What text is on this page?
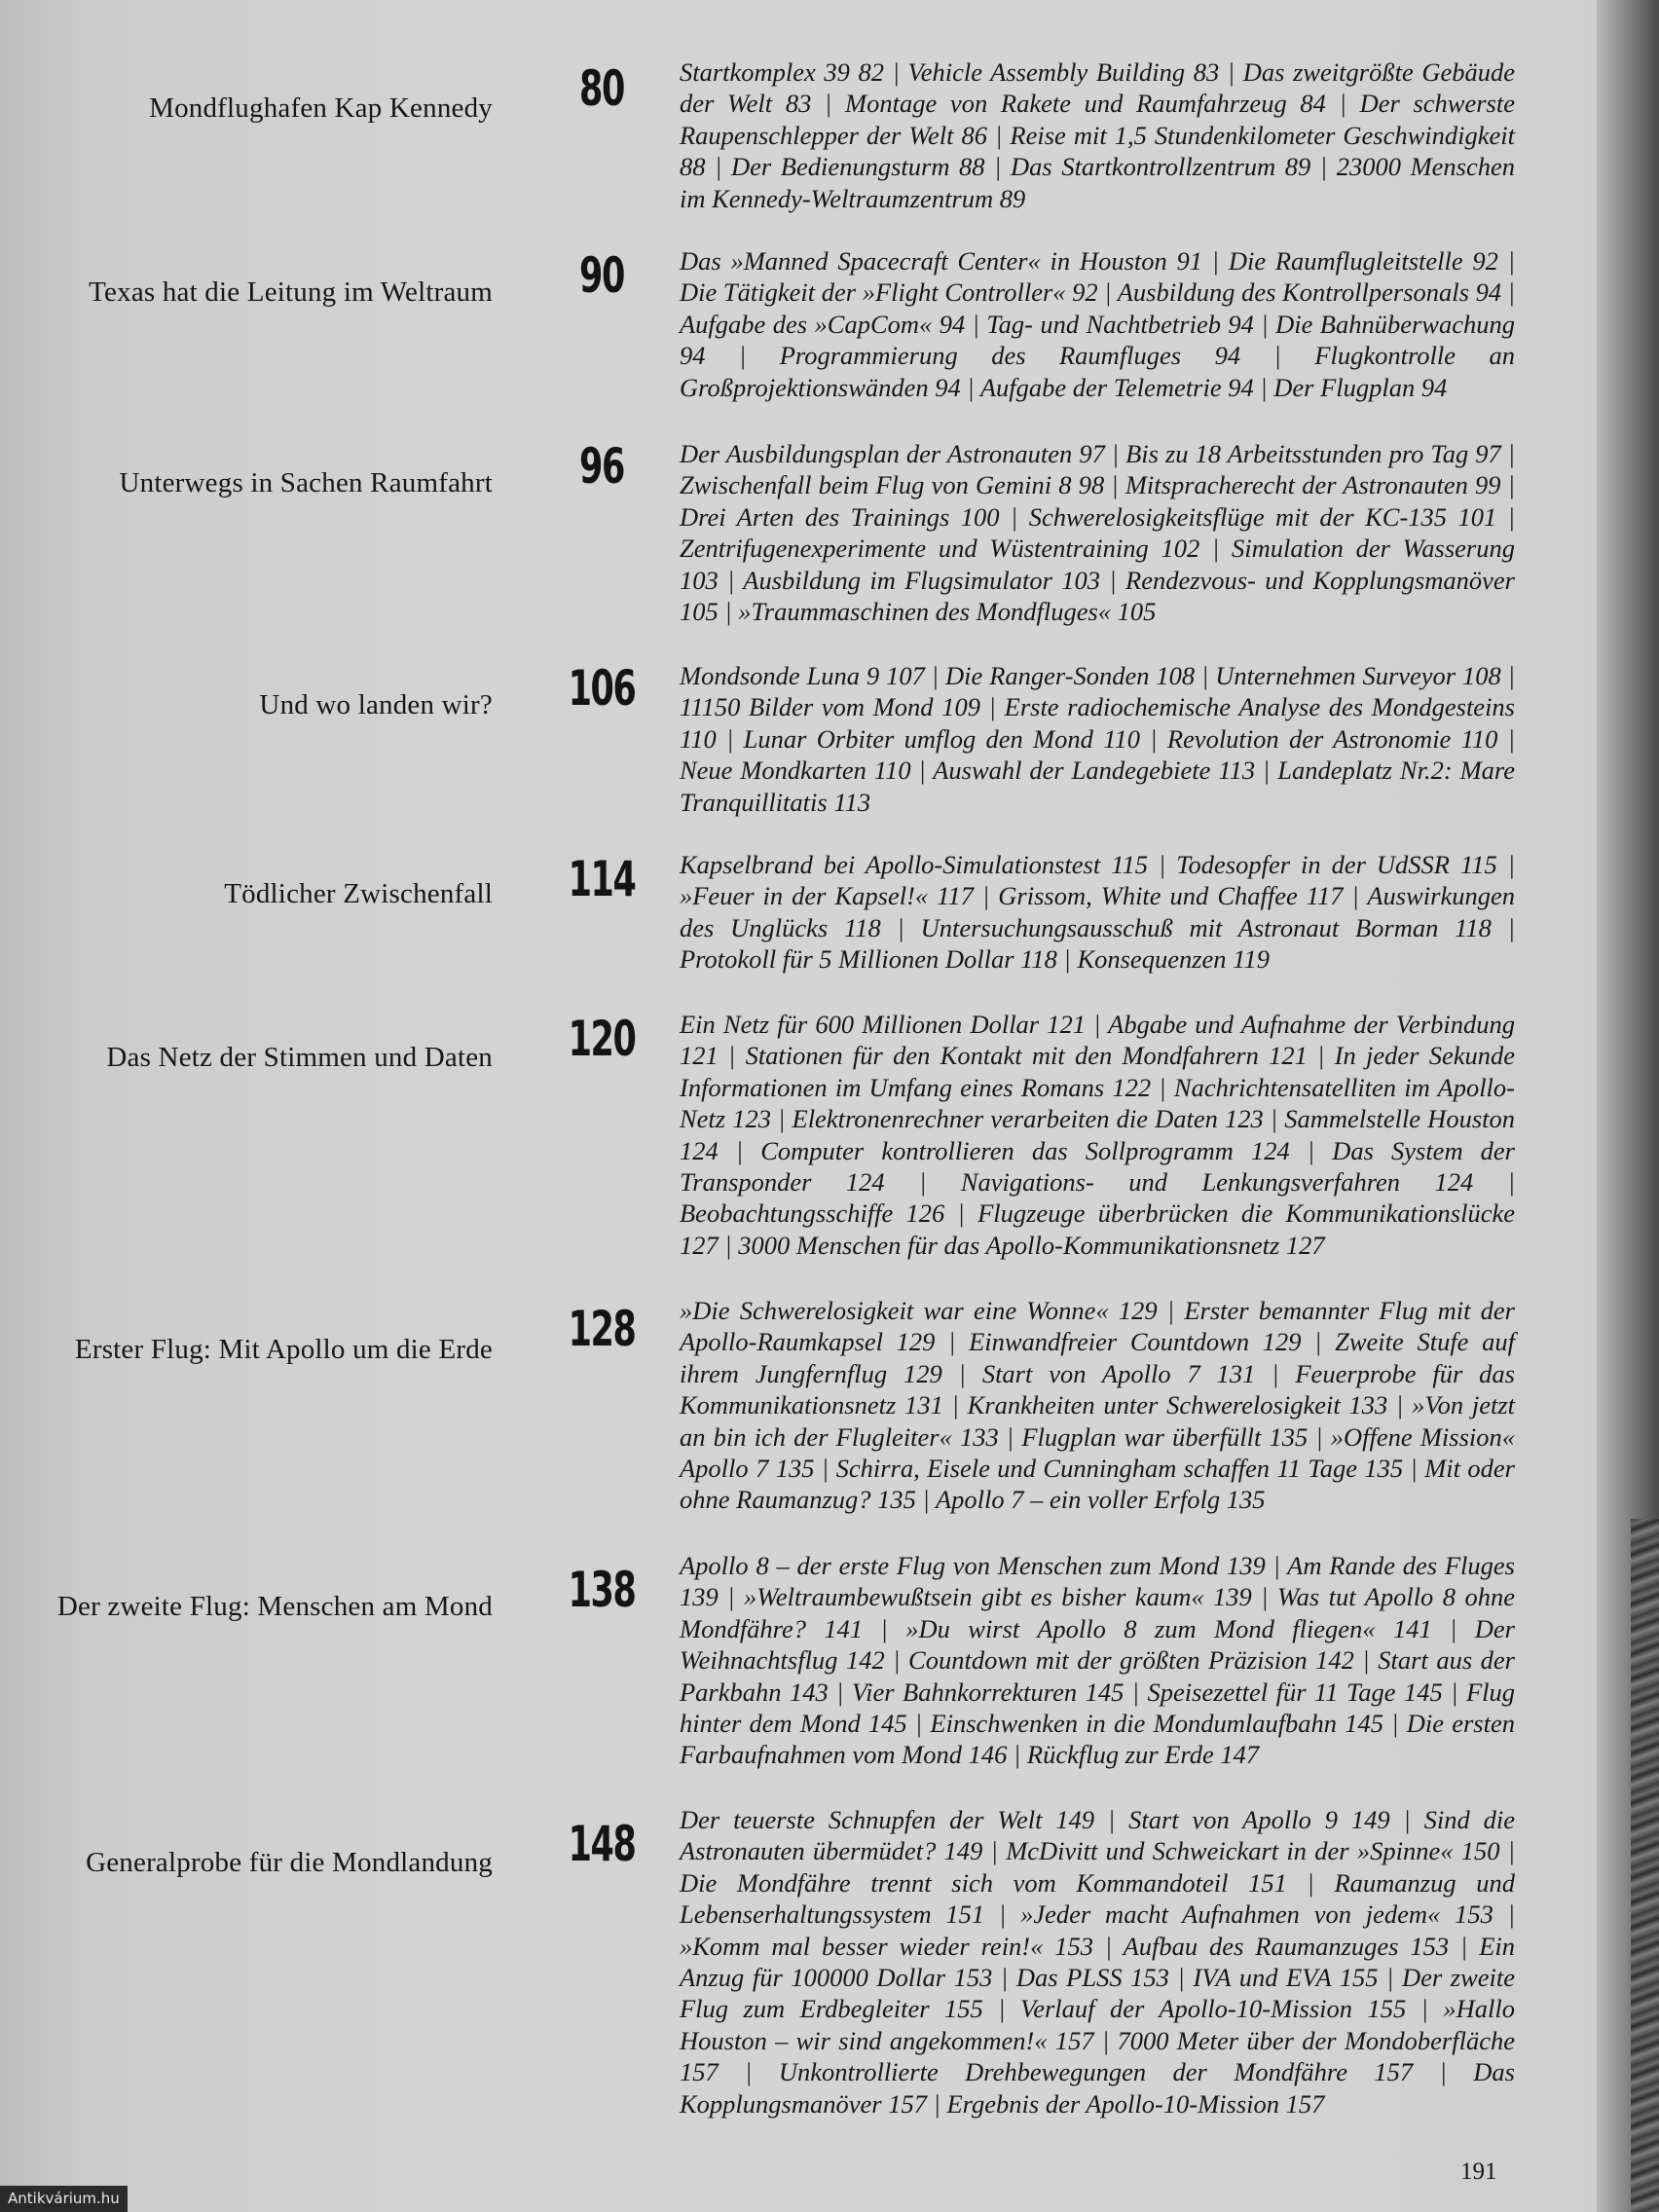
Mondflughafen Kap Kennedy	80	Startkomplex 39 82 | Vehicle Assembly Building 83 | Das zweitgrößte Gebäude der Welt 83 | Montage von Rakete und Raumfahrzeug 84 | Der schwerste Raupenschlepper der Welt 86 | Reise mit 1,5 Stundenkilometer Geschwindigkeit 88 | Der Bedienungsturm 88 | Das Startkontrollzentrum 89 | 23000 Menschen im Kennedy-Weltraumzentrum 89
Texas hat die Leitung im Weltraum	90	Das »Manned Spacecraft Center« in Houston 91 | Die Raumflugleitstelle 92 | Die Tätigkeit der »Flight Controller« 92 | Ausbildung des Kontrollpersonals 94 | Aufgabe des »CapCom« 94 | Tag- und Nachtbetrieb 94 | Die Bahnüberwachung 94 | Programmierung des Raumfluges 94 | Flugkontrolle an Großprojektionswänden 94 | Aufgabe der Telemetrie 94 | Der Flugplan 94
Unterwegs in Sachen Raumfahrt	96	Der Ausbildungsplan der Astronauten 97 | Bis zu 18 Arbeitsstunden pro Tag 97 | Zwischenfall beim Flug von Gemini 8 98 | Mitspracherecht der Astronauten 99 | Drei Arten des Trainings 100 | Schwerelosigkeitsflüge mit der KC-135 101 | Zentrifugenexperimente und Wüstentraining 102 | Simulation der Wasserung 103 | Ausbildung im Flugsimulator 103 | Rendezvous- und Kopplungsmanöver 105 | »Traummaschinen des Mondfluges« 105
Und wo landen wir? 106	Mondsonde Luna 9 107 | Die Ranger-Sonden 108 | Unternehmen Surveyor 108 | 11150 Bilder vom Mond 109 | Erste radiochemische Analyse des Mondgesteins 110 | Lunar Orbiter umflog den Mond 110 | Revolution der Astronomie 110 | Neue Mondkarten 110 | Auswahl der Landegebiete 113 | Landeplatz Nr.2: Mare Tranquillitatis 113
Tödlicher Zwischenfall 114	Kapselbrand bei Apollo-Simulationstest 115 | Todesopfer in der UdSSR 115 | »Feuer in der Kapsel!« 117 | Grissom, White und Chaffee 117 | Auswirkungen des Unglücks 118 | Untersuchungsausschuß mit Astronaut Borman 118 | Protokoll für 5 Millionen Dollar 118 | Konsequenzen 119
Das Netz der Stimmen und Daten 120	Ein Netz für 600 Millionen Dollar 121 | Abgabe und Aufnahme der Verbindung 121 | Stationen für den Kontakt mit den Mondfahrern 121 | In jeder Sekunde Informationen im Umfang eines Romans 122 | Nachrichtensatelliten im Apollo-Netz 123 | Elektronenrechner verarbeiten die Daten 123 | Sammelstelle Houston 124 | Computer kontrollieren das Sollprogramm 124 | Das System der Transponder 124 | Navigations- und Lenkungsverfahren 124 | Beobachtungsschiffe 126 | Flugzeuge überbrücken die Kommunikationslücke 127 | 3000 Menschen für das Apollo-Kommunikationsnetz 127
Erster Flug: Mit Apollo um die Erde 128	»Die Schwerelosigkeit war eine Wonne« 129 | Erster bemannter Flug mit der Apollo-Raumkapsel 129 | Einwandfreier Countdown 129 | Zweite Stufe auf ihrem Jungfernflug 129 | Start von Apollo 7 131 | Feuerprobe für das Kommunikationsnetz 131 | Krankheiten unter Schwerelosigkeit 133 | »Von jetzt an bin ich der Flugleiter« 133 | Flugplan war überfüllt 135 | »Offene Mission« Apollo 7 135 | Schirra, Eisele und Cunningham schaffen 11 Tage 135 | Mit oder ohne Raumanzug? 135 | Apollo 7 – ein voller Erfolg 135
Der zweite Flug: Menschen am Mond 138	Apollo 8 – der erste Flug von Menschen zum Mond 139 | Am Rande des Fluges 139 | »Weltraumbewußtsein gibt es bisher kaum« 139 | Was tut Apollo 8 ohne Mondfähre? 141 | »Du wirst Apollo 8 zum Mond fliegen« 141 | Der Weihnachtsflug 142 | Countdown mit der größten Präzision 142 | Start aus der Parkbahn 143 | Vier Bahnkorrekturen 145 | Speisezettel für 11 Tage 145 | Flug hinter dem Mond 145 | Einschwenken in die Mondumlaufbahn 145 | Die ersten Farbaufnahmen vom Mond 146 | Rückflug zur Erde 147
Generalprobe für die Mondlandung 148	Der teuerste Schnupfen der Welt 149 | Start von Apollo 9 149 | Sind die Astronauten übermüdet? 149 | McDivitt und Schweickart in der »Spinne« 150 | Die Mondfähre trennt sich vom Kommandoteil 151 | Raumanzug und Lebenserhaltungssystem 151 | »Jeder macht Aufnahmen von jedem« 153 | »Komm mal besser wieder rein!« 153 | Aufbau des Raumanzuges 153 | Ein Anzug für 100000 Dollar 153 | Das PLSS 153 | IVA und EVA 155 | Der zweite Flug zum Erdbegleiter 155 | Verlauf der Apollo-10-Mission 155 | »Hallo Houston – wir sind angekommen!« 157 | 7000 Meter über der Mondoberfläche 157 | Unkontrollierte Drehbewegungen der Mondfähre 157 | Das Kopplungsmanöver 157 | Ergebnis der Apollo-10-Mission 157
191
Antikvárium.hu
